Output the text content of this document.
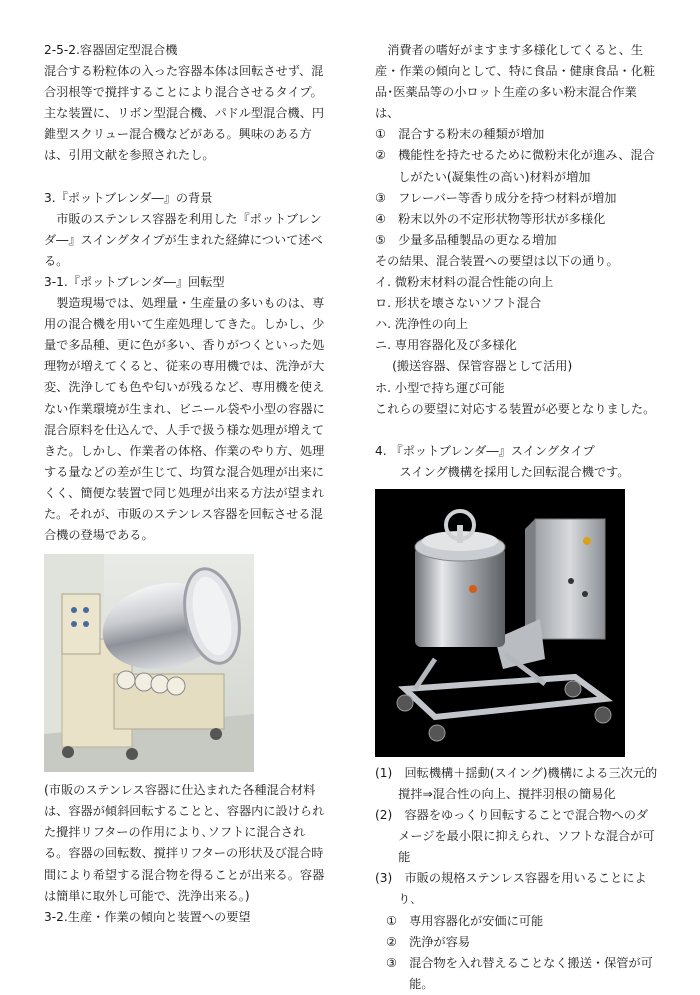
2-5-2.容器固定型混合機

混合する粉粒体の入った容器本体は回転させず、混合羽根等で撹拌することにより混合させるタイプ。主な装置に、リボン型混合機、パドル型混合機、円錐型スクリュー混合機などがある。興味のある方は、引用文献を参照されたし。

3.『ポットブレンダ―』の背景

市販のステンレス容器を利用した『ポットブレンダ―』スイングタイプが生まれた経緯について述べる。

3-1.『ポットブレンダ―』回転型

製造現場では、処理量・生産量の多いものは、専用の混合機を用いて生産処理してきた。しかし、少量で多品種、更に色が多い、香りがつくといった処理物が増えてくると、従来の専用機では、洗浄が大変、洗浄しても色や匂いが残るなど、専用機を使えない作業環境が生まれ、ビニール袋や小型の容器に混合原料を仕込んで、人手で扱う様な処理が増えてきた。しかし、作業者の体格、作業のやり方、処理する量などの差が生じて、均質な混合処理が出来にくく、簡便な装置で同じ処理が出来る方法が望まれた。それが、市販のステンレス容器を回転させる混合機の登場である。

(市販のステンレス容器に仕込まれた各種混合材料は、容器が傾斜回転することと、容器内に設けられた攪拌リフターの作用により､ソフトに混合される。容器の回転数、撹拌リフターの形状及び混合時間により希望する混合物を得ることが出来る。容器は簡単に取外し可能で、洗浄出来る。)

3-2.生産・作業の傾向と装置への要望

消費者の嗜好がますます多様化してくると、生産・作業の傾向として、特に食品・健康食品・化粧品･医薬品等の小ロット生産の多い粉末混合作業は、

①　混合する粉末の種類が増加

②　機能性を持たせるために微粉末化が進み、混合しがたい(凝集性の高い)材料が増加

③　フレーバー等香り成分を持つ材料が増加

④　粉末以外の不定形状物等形状が多様化

⑤　少量多品種製品の更なる増加

その結果、混合装置への要望は以下の通り。

イ. 微粉末材料の混合性能の向上

ロ. 形状を壊さないソフト混合

ハ. 洗浄性の向上

ニ. 専用容器化及び多様化

(搬送容器、保管容器として活用)

ホ. 小型で持ち運び可能

これらの要望に対応する装置が必要となりました。

4. 『ポットブレンダ―』スイングタイプ

スイング機構を採用した回転混合機です。

(1)　回転機構＋揺動(スイング)機構による三次元的撹拌⇒混合性の向上、撹拌羽根の簡易化

(2)　容器をゆっくり回転することで混合物へのダメージを最小限に抑えられ、ソフトな混合が可能

(3)　市販の規格ステンレス容器を用いることにより､

①　専用容器化が安価に可能

②　洗浄が容易

③　混合物を入れ替えることなく搬送・保管が可能。
